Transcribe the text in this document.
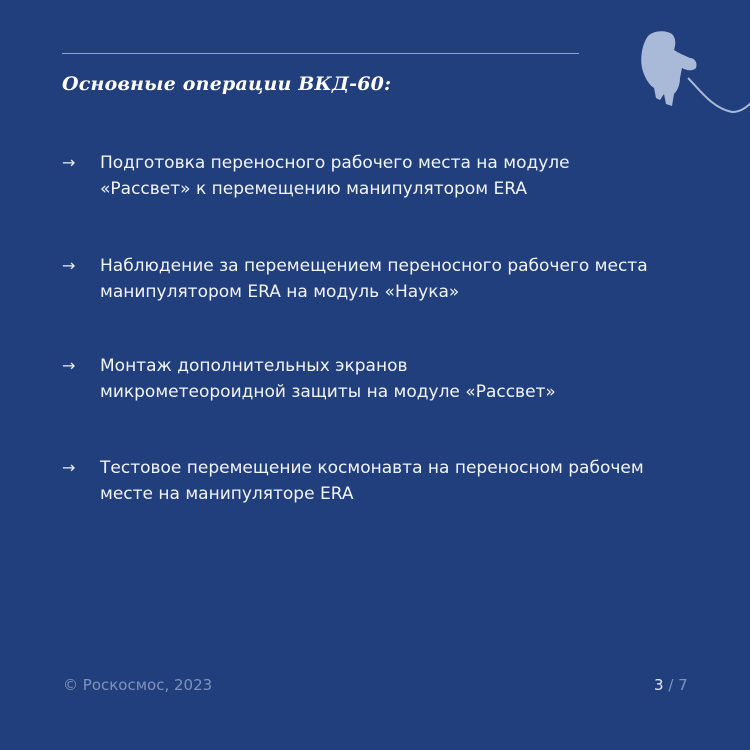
Основные операции ВКД-60:
→	Подготовка переносного рабочего места на модуле
«Рассвет» к перемещению манипулятором ERA
→	Наблюдение за перемещением переносного рабочего места
манипулятором ERA на модуль «Наука»
→	Монтаж дополнительных экранов
микрометеороидной защиты на модуле «Рассвет»
→	Тестовое перемещение космонавта на переносном рабочем
месте на манипуляторе ERA
© Роскосмос, 2023	3 / 7
